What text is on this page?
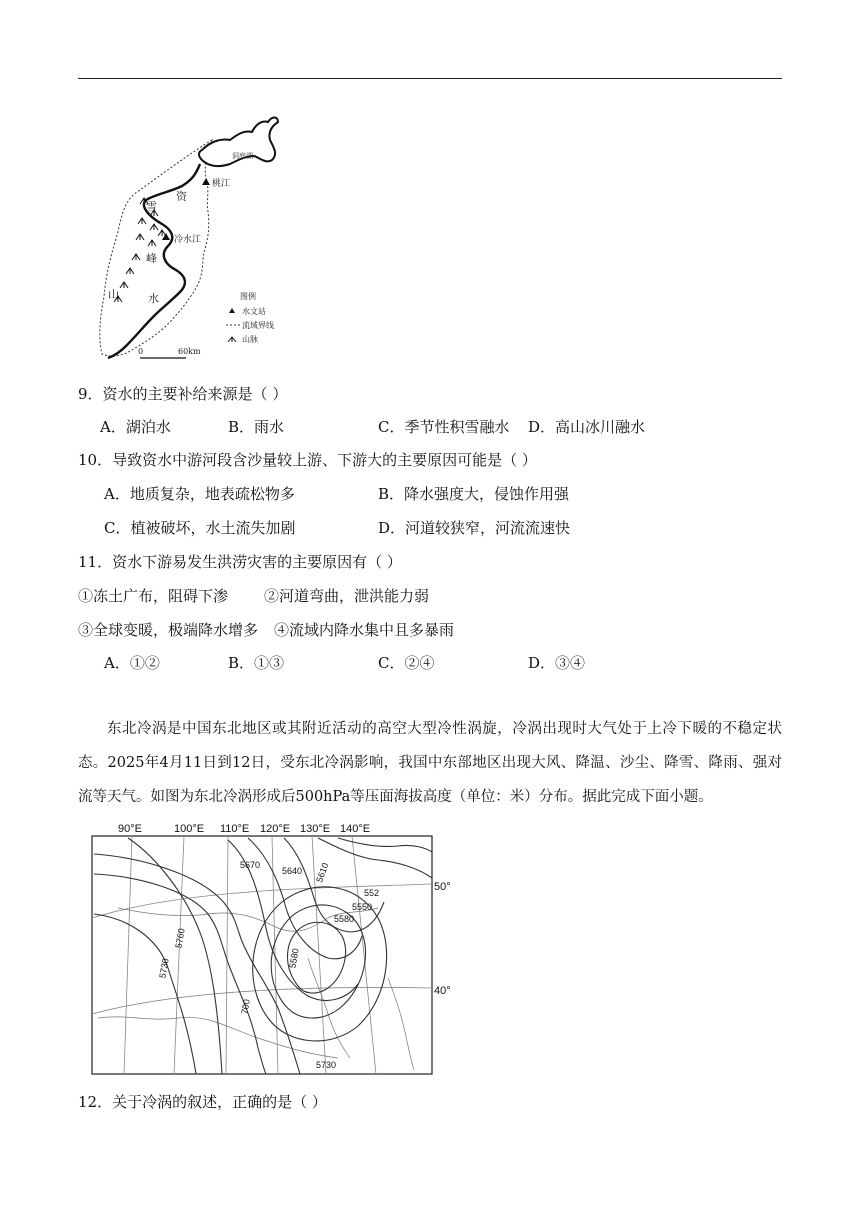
洞庭湖
桃江
冷水江
资
水
雪
峰
山	图例
水文站
流域界线
山脉
0	60km
9．资水的主要补给来源是（ ）
A．湖泊水	B．雨水	C．季节性积雪融水 D．高山冰川融水
10．导致资水中游河段含沙量较上游、下游大的主要原因可能是（ ）
A．地质复杂，地表疏松物多	B．降水强度大，侵蚀作用强
C．植被破坏，水土流失加剧	D．河道较狭窄，河流流速快
11．资水下游易发生洪涝灾害的主要原因有（ ）
①冻土广布，阻碍下渗 ②河道弯曲，泄洪能力弱
③全球变暖，极端降水增多 ④流域内降水集中且多暴雨
A．①②	B．①③	C．②④	D．③④
东北冷涡是中国东北地区或其附近活动的高空大型冷性涡旋，冷涡出现时大气处于上冷下暖的不稳定状态。2025年4月11日到12日，受东北冷涡影响，我国中东部地区出现大风、降温、沙尘、降雪、降雨、强对流等天气。如图为东北冷涡形成后500hPa等压面海拔高度（单位：米）分布。据此完成下面小题。
90°E	100°E 110°E 120°E 130°E 140°E
50°
40°
5670
5640 5610
552
5550
5580
5760
5730	5580
700
5730
12．关于冷涡的叙述，正确的是（ ）
